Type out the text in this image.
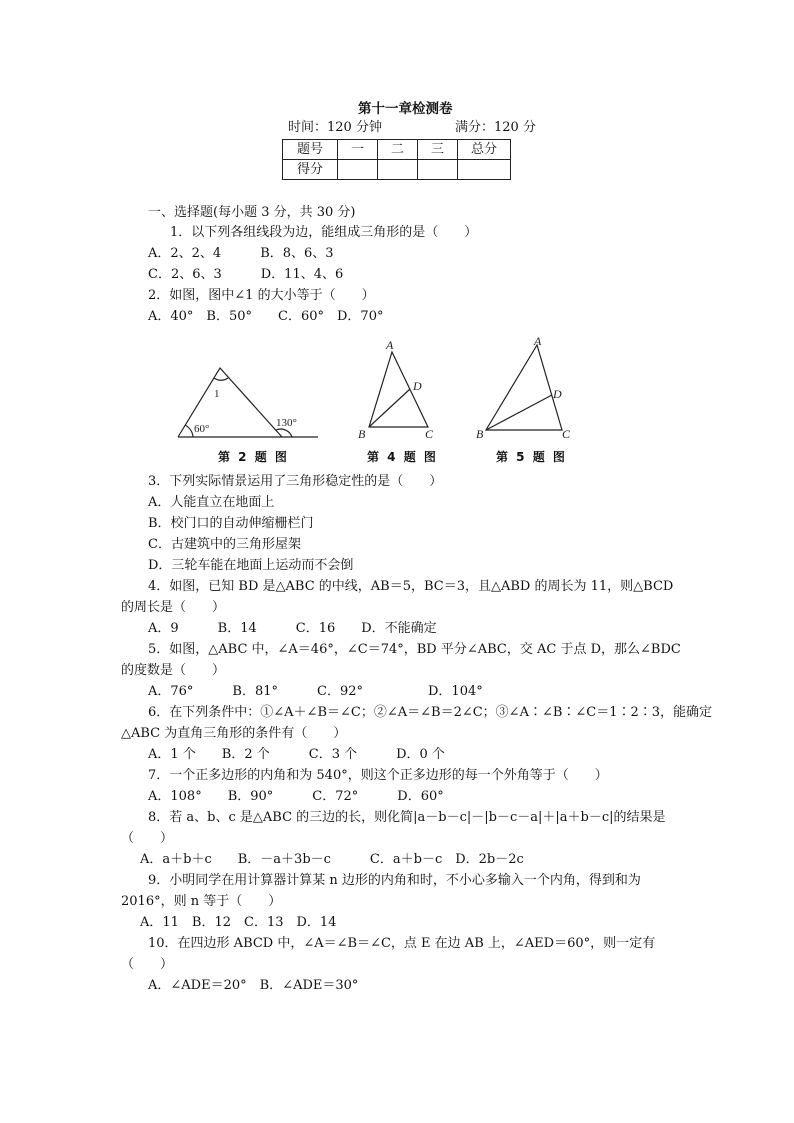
第十一章检测卷
时间：120 分钟	满分：120 分
题号	一	二	三	总分
得分				
一、选择题(每小题 3 分，共 30 分)
1．以下列各组线段为边，能组成三角形的是（　　）
A．2、2、4　　　B．8、6、3
C．2、6、3　　　D．11、4、6
2．如图，图中∠1 的大小等于（　　）
A．40°　B．50°　　C．60°　D．70°
1
60°	130°
A
B	C
D
A
B	C
D
第 2 题 图	第 4 题 图	第 5 题 图
3．下列实际情景运用了三角形稳定性的是（　　）
A．人能直立在地面上
B．校门口的自动伸缩栅栏门
C．古建筑中的三角形屋架
D．三轮车能在地面上运动而不会倒
4．如图，已知 BD 是△ABC 的中线，AB＝5，BC＝3，且△ABD 的周长为 11，则△BCD
的周长是（　　）
A．9　　　B．14　　　C．16　　D．不能确定
5．如图，△ABC 中，∠A＝46°，∠C＝74°，BD 平分∠ABC，交 AC 于点 D，那么∠BDC
的度数是（　　）
A．76°　　　B．81°　　　C．92°　　　　　D．104°
6．在下列条件中：①∠A＋∠B＝∠C；②∠A＝∠B＝2∠C；③∠A∶∠B∶∠C＝1∶2∶3，能确定
△ABC 为直角三角形的条件有（　　）
A．1 个　　B．2 个　　　C．3 个　　　D．0 个
7．一个正多边形的内角和为 540°，则这个正多边形的每一个外角等于（　　）
A．108°　　B．90°　　　C．72°　　　D．60°
8．若 a、b、c 是△ABC 的三边的长，则化简|a－b－c|－|b－c－a|＋|a＋b－c|的结果是
（　　）
A．a＋b＋c　　B．－a＋3b－c　　　C．a＋b－c　D．2b－2c
9．小明同学在用计算器计算某 n 边形的内角和时，不小心多输入一个内角，得到和为
2016°，则 n 等于（　　）
A．11　B．12　C．13　D．14
10．在四边形 ABCD 中，∠A＝∠B＝∠C，点 E 在边 AB 上，∠AED＝60°，则一定有
（　　）
A．∠ADE＝20°　B．∠ADE＝30°
